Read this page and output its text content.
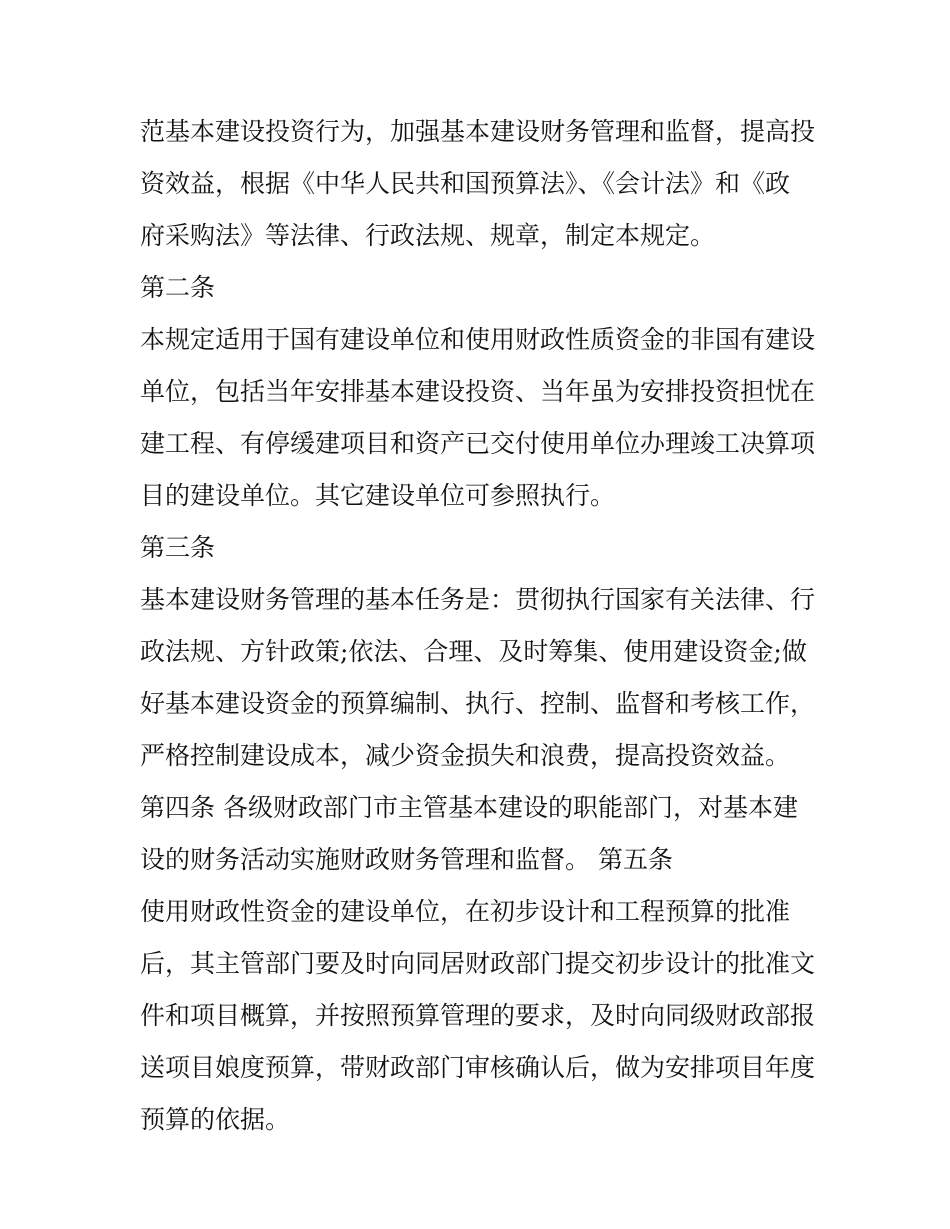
范基本建设投资行为，加强基本建设财务管理和监督，提高投
资效益，根据《中华人民共和国预算法》、《会计法》和《政
府采购法》等法律、行政法规、规章，制定本规定。
第二条
本规定适用于国有建设单位和使用财政性质资金的非国有建设
单位，包括当年安排基本建设投资、当年虽为安排投资担忧在
建工程、有停缓建项目和资产已交付使用单位办理竣工决算项
目的建设单位。其它建设单位可参照执行。
第三条
基本建设财务管理的基本任务是：贯彻执行国家有关法律、行
政法规、方针政策;依法、合理、及时筹集、使用建设资金;做
好基本建设资金的预算编制、执行、控制、监督和考核工作，
严格控制建设成本，减少资金损失和浪费，提高投资效益。
第四条 各级财政部门市主管基本建设的职能部门，对基本建
设的财务活动实施财政财务管理和监督。 第五条
使用财政性资金的建设单位，在初步设计和工程预算的批准
后，其主管部门要及时向同居财政部门提交初步设计的批准文
件和项目概算，并按照预算管理的要求，及时向同级财政部报
送项目娘度预算，带财政部门审核确认后，做为安排项目年度
预算的依据。
